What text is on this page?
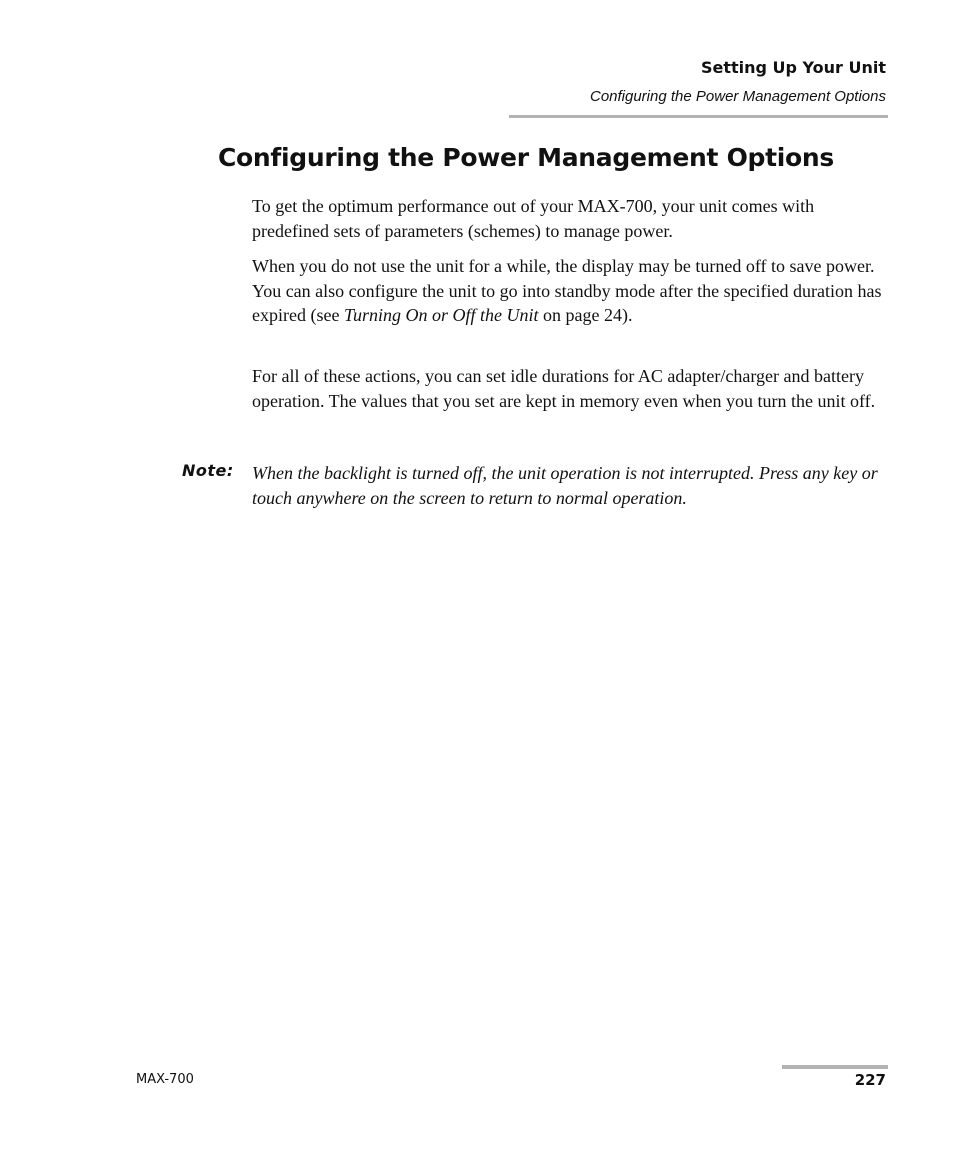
Setting Up Your Unit
Configuring the Power Management Options
Configuring the Power Management Options

To get the optimum performance out of your MAX-700, your unit comes with predefined sets of parameters (schemes) to manage power.

When you do not use the unit for a while, the display may be turned off to save power. You can also configure the unit to go into standby mode after the specified duration has expired (see Turning On or Off the Unit on page 24).

For all of these actions, you can set idle durations for AC adapter/charger and battery operation. The values that you set are kept in memory even when you turn the unit off.

Note: When the backlight is turned off, the unit operation is not interrupted. Press any key or touch anywhere on the screen to return to normal operation.

MAX-700	227
